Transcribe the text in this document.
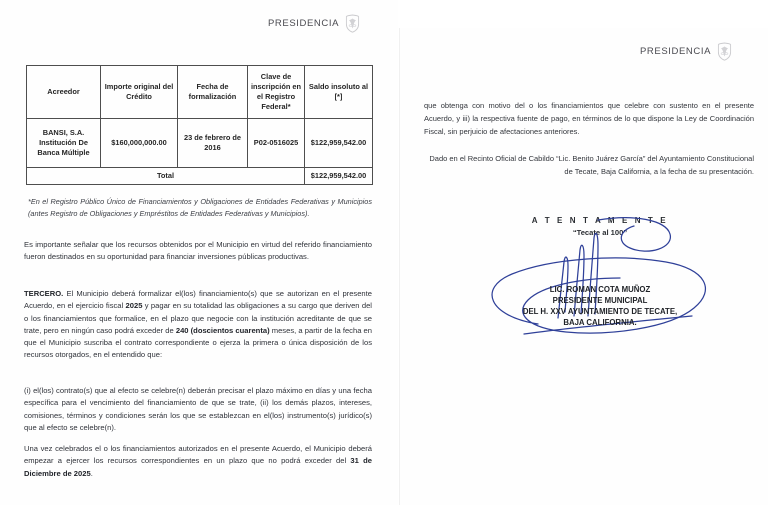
PRESIDENCIA
Acreedor	Importe original del Crédito	Fecha de formalización	Clave de inscripción en el Registro Federal*	Saldo insoluto al [*]
BANSI, S.A. Institución De Banca Múltiple	$160,000,000.00	23 de febrero de 2016	P02-0516025	$122,959,542.00
Total				$122,959,542.00
*En el Registro Público Único de Financiamientos y Obligaciones de Entidades Federativas y Municipios (antes Registro de Obligaciones y Empréstitos de Entidades Federativas y Municipios).
Es importante señalar que los recursos obtenidos por el Municipio en virtud del referido financiamiento fueron destinados en su oportunidad para financiar inversiones públicas productivas.
TERCERO. El Municipio deberá formalizar el(los) financiamiento(s) que se autorizan en el presente Acuerdo, en el ejercicio fiscal 2025 y pagar en su totalidad las obligaciones a su cargo que deriven del o los financiamientos que formalice, en el plazo que negocie con la institución acreditante de que se trate, pero en ningún caso podrá exceder de 240 (doscientos cuarenta) meses, a partir de la fecha en que el Municipio suscriba el contrato correspondiente o ejerza la primera o única disposición de los recursos otorgados, en el entendido que:
(i) el(los) contrato(s) que al efecto se celebre(n) deberán precisar el plazo máximo en días y una fecha específica para el vencimiento del financiamiento de que se trate, (ii) los demás plazos, intereses, comisiones, términos y condiciones serán los que se establezcan en el(los) instrumento(s) jurídico(s) que al efecto se celebre(n).
Una vez celebrados el o los financiamientos autorizados en el presente Acuerdo, el Municipio deberá empezar a ejercer los recursos correspondientes en un plazo que no podrá exceder del 31 de Diciembre de 2025.
PRESIDENCIA
que obtenga con motivo del o los financiamientos que celebre con sustento en el presente Acuerdo, y iii) la respectiva fuente de pago, en términos de lo que dispone la Ley de Coordinación Fiscal, sin perjuicio de afectaciones anteriores.
Dado en el Recinto Oficial de Cabildo “Lic. Benito Juárez García” del Ayuntamiento Constitucional de Tecate, Baja California, a la fecha de su presentación.
A T E N T A M E N T E
“Tecate al 100”
LIC. ROMAN COTA MUÑOZ
PRESIDENTE MUNICIPAL
DEL H. XXV AYUNTAMIENTO DE TECATE,
BAJA CALIFORNIA.
